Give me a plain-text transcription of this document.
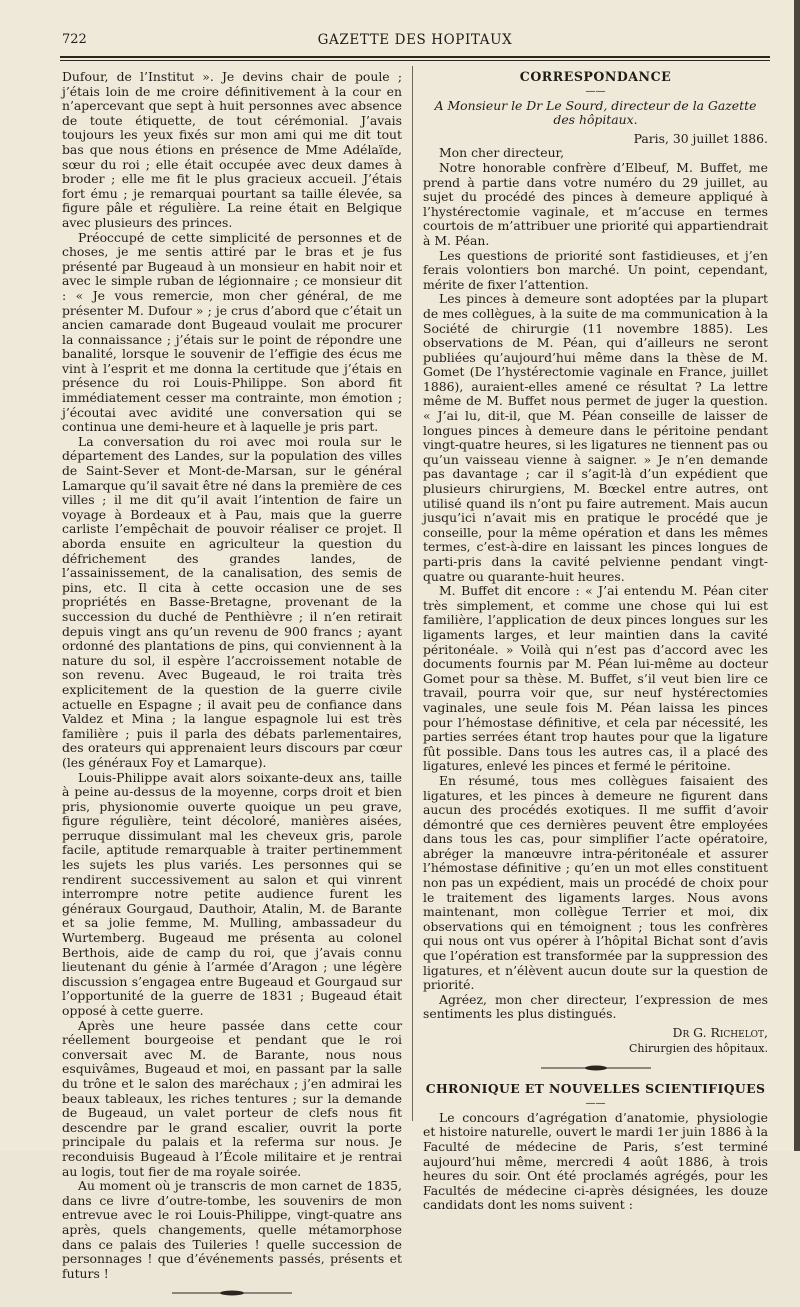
722	GAZETTE DES HOPITAUX

Dufour, de l’Institut ». Je devins chair de poule ; j’étais loin de me croire définitivement à la cour en n’apercevant que sept à huit personnes avec absence de toute étiquette, de tout cérémonial. J’avais toujours les yeux fixés sur mon ami qui me dit tout bas que nous étions en présence de Mme Adélaïde, sœur du roi ; elle était occupée avec deux dames à broder ; elle me fit le plus gracieux accueil. J’étais fort ému ; je remarquai pourtant sa taille élevée, sa figure pâle et régulière. La reine était en Belgique avec plusieurs des princes.

Préoccupé de cette simplicité de personnes et de choses, je me sentis attiré par le bras et je fus présenté par Bugeaud à un monsieur en habit noir et avec le simple ruban de légionnaire ; ce monsieur dit : « Je vous remercie, mon cher général, de me présenter M. Dufour » ; je crus d’abord que c’était un ancien camarade dont Bugeaud voulait me procurer la connaissance ; j’étais sur le point de répondre une banalité, lorsque le souvenir de l’effigie des écus me vint à l’esprit et me donna la certitude que j’étais en présence du roi Louis-Philippe. Son abord fit immédiatement cesser ma contrainte, mon émotion ; j’écoutai avec avidité une conversation qui se continua une demi-heure et à laquelle je pris part.

La conversation du roi avec moi roula sur le département des Landes, sur la population des villes de Saint-Sever et Mont-de-Marsan, sur le général Lamarque qu’il savait être né dans la première de ces villes ; il me dit qu’il avait l’intention de faire un voyage à Bordeaux et à Pau, mais que la guerre carliste l’empêchait de pouvoir réaliser ce projet. Il aborda ensuite en agriculteur la question du défrichement des grandes landes, de l’assainissement, de la canalisation, des semis de pins, etc. Il cita à cette occasion une de ses propriétés en Basse-Bretagne, provenant de la succession du duché de Penthièvre ; il n’en retirait depuis vingt ans qu’un revenu de 900 francs ; ayant ordonné des plantations de pins, qui conviennent à la nature du sol, il espère l’accroissement notable de son revenu. Avec Bugeaud, le roi traita très explicitement de la question de la guerre civile actuelle en Espagne ; il avait peu de confiance dans Valdez et Mina ; la langue espagnole lui est très familière ; puis il parla des débats parlementaires, des orateurs qui apprenaient leurs discours par cœur (les généraux Foy et Lamarque).

Louis-Philippe avait alors soixante-deux ans, taille à peine au-dessus de la moyenne, corps droit et bien pris, physionomie ouverte quoique un peu grave, figure régulière, teint décoloré, manières aisées, perruque dissimulant mal les cheveux gris, parole facile, aptitude remarquable à traiter pertinemment les sujets les plus variés. Les personnes qui se rendirent successivement au salon et qui vinrent interrompre notre petite audience furent les généraux Gourgaud, Dauthoir, Atalin, M. de Barante et sa jolie femme, M. Mulling, ambassadeur du Wurtemberg. Bugeaud me présenta au colonel Berthois, aide de camp du roi, que j’avais connu lieutenant du génie à l’armée d’Aragon ; une légère discussion s’engagea entre Bugeaud et Gourgaud sur l’opportunité de la guerre de 1831 ; Bugeaud était opposé à cette guerre.

Après une heure passée dans cette cour réellement bourgeoise et pendant que le roi conversait avec M. de Barante, nous nous esquivâmes, Bugeaud et moi, en passant par la salle du trône et le salon des maréchaux ; j’en admirai les beaux tableaux, les riches tentures ; sur la demande de Bugeaud, un valet porteur de clefs nous fit descendre par le grand escalier, ouvrit la porte principale du palais et la referma sur nous. Je reconduisis Bugeaud à l’École militaire et je rentrai au logis, tout fier de ma royale soirée.

Au moment où je transcris de mon carnet de 1835, dans ce livre d’outre-tombe, les souvenirs de mon entrevue avec le roi Louis-Philippe, vingt-quatre ans après, quels changements, quelle métamorphose dans ce palais des Tuileries ! quelle succession de personnages ! que d’événements passés, présents et futurs !

CORRESPONDANCE
——
A Monsieur le Dr Le Sourd, directeur de la Gazette des hôpitaux.
Paris, 30 juillet 1886.

Mon cher directeur,

Notre honorable confrère d’Elbeuf, M. Buffet, me prend à partie dans votre numéro du 29 juillet, au sujet du procédé des pinces à demeure appliqué à l’hystérectomie vaginale, et m’accuse en termes courtois de m’attribuer une priorité qui appartiendrait à M. Péan.

Les questions de priorité sont fastidieuses, et j’en ferais volontiers bon marché. Un point, cependant, mérite de fixer l’attention.

Les pinces à demeure sont adoptées par la plupart de mes collègues, à la suite de ma communication à la Société de chirurgie (11 novembre 1885). Les observations de M. Péan, qui d’ailleurs ne seront publiées qu’aujourd’hui même dans la thèse de M. Gomet (De l’hystérectomie vaginale en France, juillet 1886), auraient-elles amené ce résultat ? La lettre même de M. Buffet nous permet de juger la question. « J’ai lu, dit-il, que M. Péan conseille de laisser de longues pinces à demeure dans le péritoine pendant vingt-quatre heures, si les ligatures ne tiennent pas ou qu’un vaisseau vienne à saigner. » Je n’en demande pas davantage ; car il s’agit-là d’un expédient que plusieurs chirurgiens, M. Bœckel entre autres, ont utilisé quand ils n’ont pu faire autrement. Mais aucun jusqu’ici n’avait mis en pratique le procédé que je conseille, pour la même opération et dans les mêmes termes, c’est-à-dire en laissant les pinces longues de parti-pris dans la cavité pelvienne pendant vingt-quatre ou quarante-huit heures.

M. Buffet dit encore : « J’ai entendu M. Péan citer très simplement, et comme une chose qui lui est familière, l’application de deux pinces longues sur les ligaments larges, et leur maintien dans la cavité péritonéale. » Voilà qui n’est pas d’accord avec les documents fournis par M. Péan lui-même au docteur Gomet pour sa thèse. M. Buffet, s’il veut bien lire ce travail, pourra voir que, sur neuf hystérectomies vaginales, une seule fois M. Péan laissa les pinces pour l’hémostase définitive, et cela par nécessité, les parties serrées étant trop hautes pour que la ligature fût possible. Dans tous les autres cas, il a placé des ligatures, enlevé les pinces et fermé le péritoine.

En résumé, tous mes collègues faisaient des ligatures, et les pinces à demeure ne figurent dans aucun des procédés exotiques. Il me suffit d’avoir démontré que ces dernières peuvent être employées dans tous les cas, pour simplifier l’acte opératoire, abréger la manœuvre intra-péritonéale et assurer l’hémostase définitive ; qu’en un mot elles constituent non pas un expédient, mais un procédé de choix pour le traitement des ligaments larges. Nous avons maintenant, mon collègue Terrier et moi, dix observations qui en témoignent ; tous les confrères qui nous ont vus opérer à l’hôpital Bichat sont d’avis que l’opération est transformée par la suppression des ligatures, et n’élèvent aucun doute sur la question de priorité.

Agréez, mon cher directeur, l’expression de mes sentiments les plus distingués.

Dr G. Richelot,
Chirurgien des hôpitaux.
CHRONIQUE ET NOUVELLES SCIENTIFIQUES
——

Le concours d’agrégation d’anatomie, physiologie et histoire naturelle, ouvert le mardi 1er juin 1886 à la Faculté de médecine de Paris, s’est terminé aujourd’hui même, mercredi 4 août 1886, à trois heures du soir. Ont été proclamés agrégés, pour les Facultés de médecine ci-après désignées, les douze candidats dont les noms suivent :
